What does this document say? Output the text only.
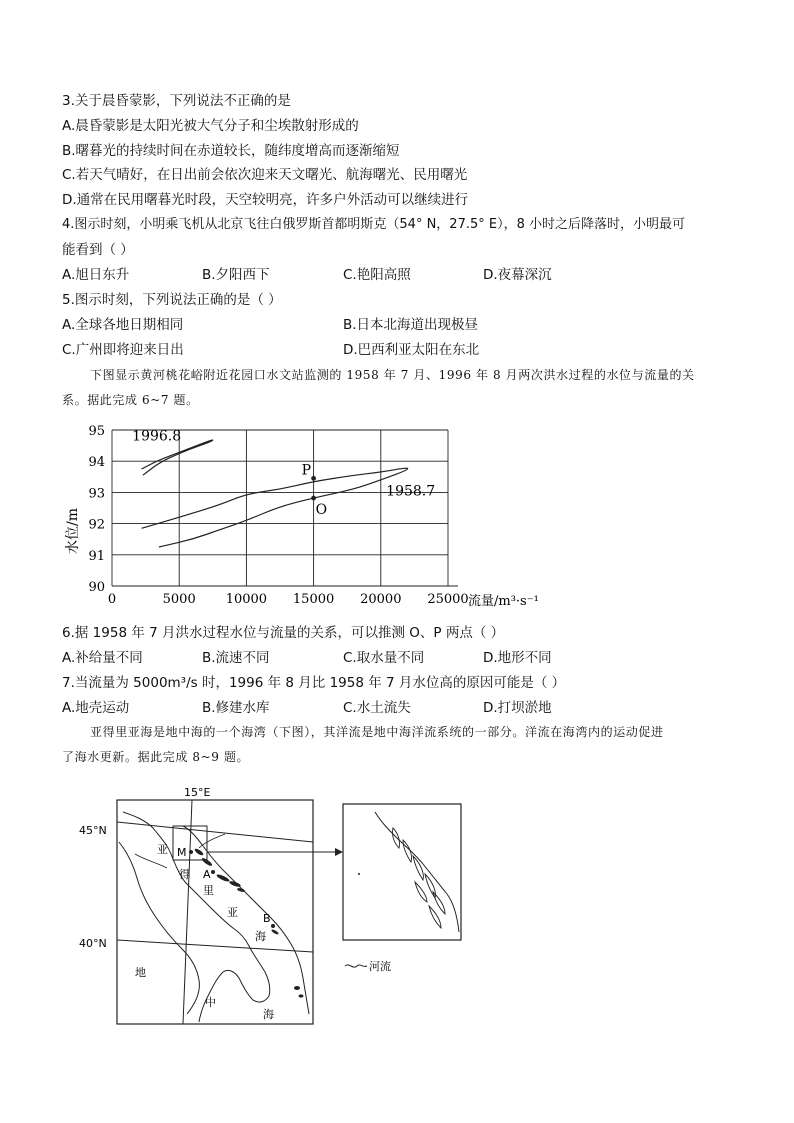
3.关于晨昏蒙影，下列说法不正确的是
A.晨昏蒙影是太阳光被大气分子和尘埃散射形成的
B.曙暮光的持续时间在赤道较长，随纬度增高而逐渐缩短
C.若天气晴好，在日出前会依次迎来天文曙光、航海曙光、民用曙光
D.通常在民用曙暮光时段，天空较明亮，许多户外活动可以继续进行
4.图示时刻，小明乘飞机从北京飞往白俄罗斯首都明斯克（54° N，27.5° E），8 小时之后降落时，小明最可
能看到（ ）
A.旭日东升	B.夕阳西下	C.艳阳高照	D.夜幕深沉
5.图示时刻，下列说法正确的是（ ）
A.全球各地日期相同	B.日本北海道出现极昼
C.广州即将迎来日出	D.巴西利亚太阳在东北
下图显示黄河桃花峪附近花园口水文站监测的 1958 年 7 月、1996 年 8 月两次洪水过程的水位与流量的关
系。据此完成 6~7 题。
0	5000 10000 15000 20000 25000
90
91
92
93
94
95 1996.8
1958.7
P
O
水位/m
流量/m³·s⁻¹
6.据 1958 年 7 月洪水过程水位与流量的关系，可以推测 O、P 两点（ ）
A.补给量不同	B.流速不同	C.取水量不同	D.地形不同
7.当流量为 5000m³/s 时，1996 年 8 月比 1958 年 7 月水位高的原因可能是（ ）
A.地壳运动	B.修建水库	C.水土流失	D.打坝淤地
亚得里亚海是地中海的一个海湾（下图），其洋流是地中海洋流系统的一部分。洋流在海湾内的运动促进
了海水更新。据此完成 8~9 题。
15°E
45°N
40°N
M
A
B
亚
得
里
亚
海
地
中
海
河流
